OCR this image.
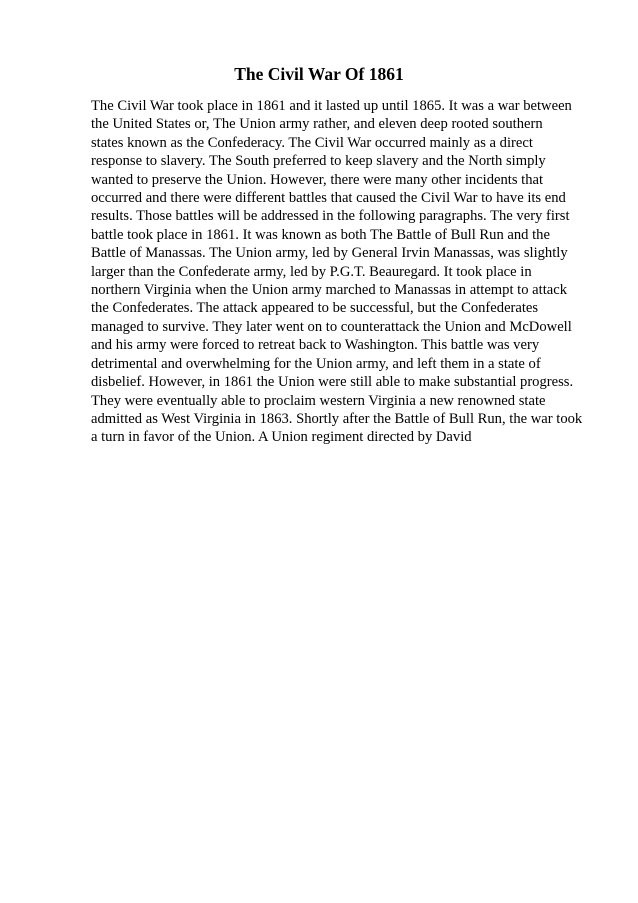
The Civil War Of 1861
The Civil War took place in 1861 and it lasted up until 1865. It was a war between
the United States or, The Union army rather, and eleven deep rooted southern
states known as the Confederacy. The Civil War occurred mainly as a direct
response to slavery. The South preferred to keep slavery and the North simply
wanted to preserve the Union. However, there were many other incidents that
occurred and there were different battles that caused the Civil War to have its end
results. Those battles will be addressed in the following paragraphs. The very first
battle took place in 1861. It was known as both The Battle of Bull Run and the
Battle of Manassas. The Union army, led by General Irvin Manassas, was slightly
larger than the Confederate army, led by P.G.T. Beauregard. It took place in
northern Virginia when the Union army marched to Manassas in attempt to attack
the Confederates. The attack appeared to be successful, but the Confederates
managed to survive. They later went on to counterattack the Union and McDowell
and his army were forced to retreat back to Washington. This battle was very
detrimental and overwhelming for the Union army, and left them in a state of
disbelief. However, in 1861 the Union were still able to make substantial progress.
They were eventually able to proclaim western Virginia a new renowned state
admitted as West Virginia in 1863. Shortly after the Battle of Bull Run, the war took
a turn in favor of the Union. A Union regiment directed by David
